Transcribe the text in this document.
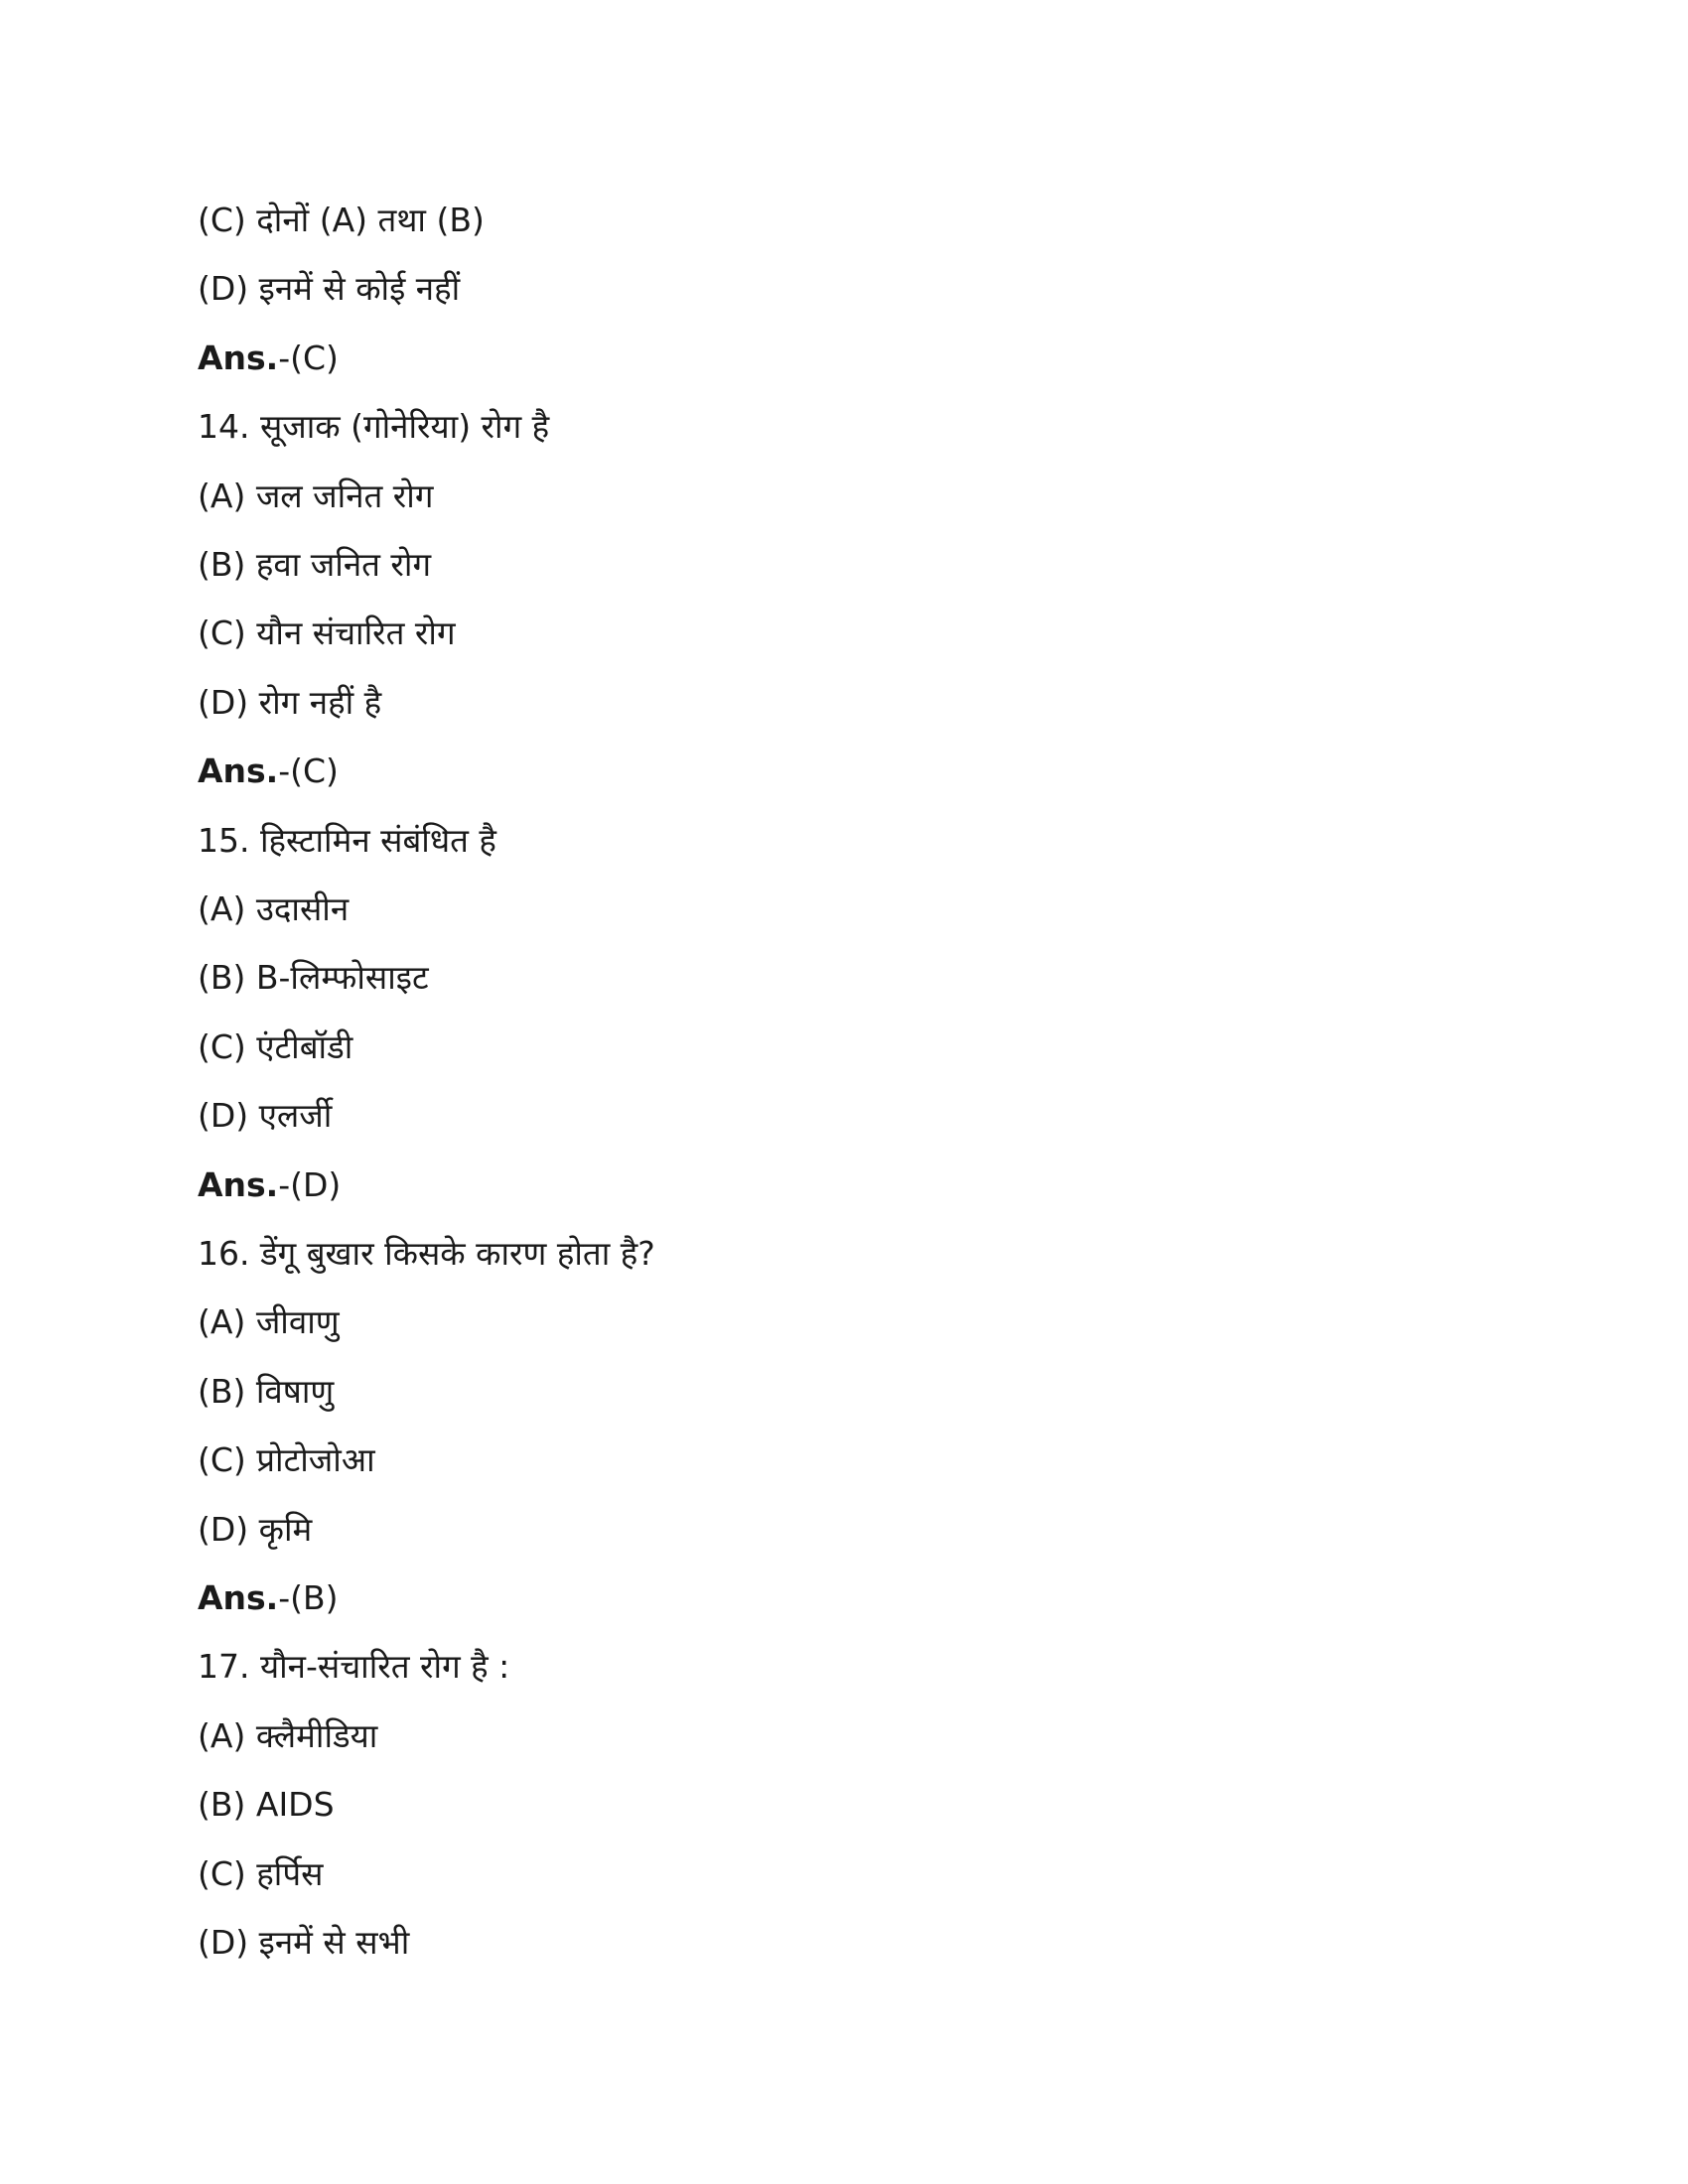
(C) दोनों (A) तथा (B)
(D) इनमें से कोई नहीं
Ans.-(C)
14. सूजाक (गोनेरिया) रोग है
(A) जल जनित रोग
(B) हवा जनित रोग
(C) यौन संचारित रोग
(D) रोग नहीं है
Ans.-(C)
15. हिस्टामिन संबंधित है
(A) उदासीन
(B) B-लिम्फोसाइट
(C) एंटीबॉडी
(D) एलर्जी
Ans.-(D)
16. डेंगू बुखार किसके कारण होता है?
(A) जीवाणु
(B) विषाणु
(C) प्रोटोजोआ
(D) कृमि
Ans.-(B)
17. यौन-संचारित रोग है :
(A) क्लैमीडिया
(B) AIDS
(C) हर्पिस
(D) इनमें से सभी
